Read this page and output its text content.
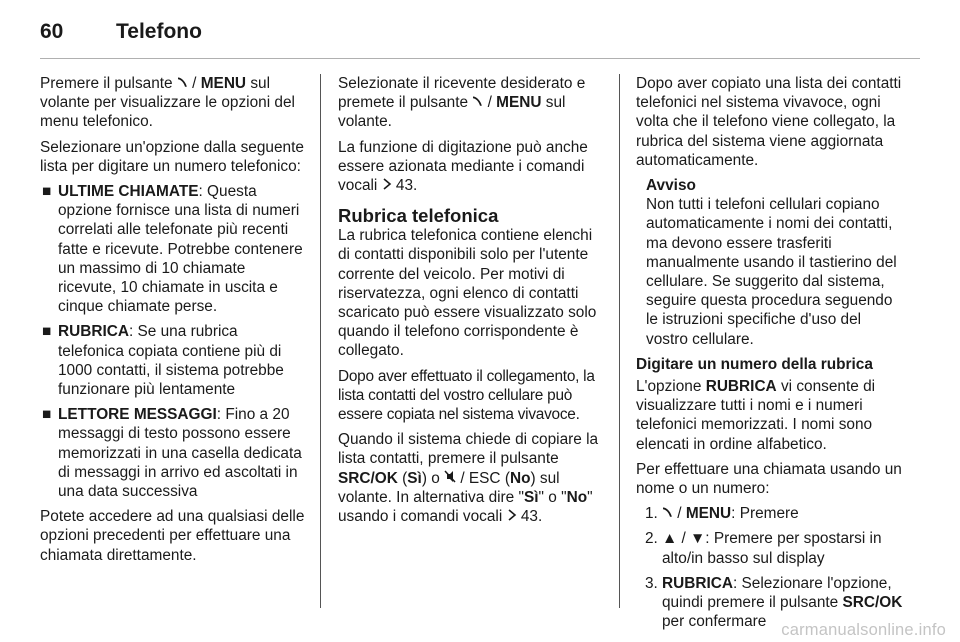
60	Telefono

Premere il pulsante / MENU sul volante per visualizzare le opzioni del menu telefonico.

Selezionare un'opzione dalla seguente lista per digitare un numero telefonico:

■ ULTIME CHIAMATE: Questa opzione fornisce una lista di numeri correlati alle telefonate più recenti fatte e ricevute. Potrebbe contenere un massimo di 10 chiamate ricevute, 10 chiamate in uscita e cinque chiamate perse.
■ RUBRICA: Se una rubrica telefonica copiata contiene più di 1000 contatti, il sistema potrebbe funzionare più lentamente
■ LETTORE MESSAGGI: Fino a 20 messaggi di testo possono essere memorizzati in una casella dedicata di messaggi in arrivo ed ascoltati in una data successiva

Potete accedere ad una qualsiasi delle opzioni precedenti per effettuare una chiamata direttamente.

Selezionate il ricevente desiderato e premete il pulsante / MENU sul volante.

La funzione di digitazione può anche essere azionata mediante i comandi vocali 43.

Rubrica telefonica

La rubrica telefonica contiene elenchi di contatti disponibili solo per l'utente corrente del veicolo. Per motivi di riservatezza, ogni elenco di contatti scaricato può essere visualizzato solo quando il telefono corrispondente è collegato.

Dopo aver effettuato il collegamento, la lista contatti del vostro cellulare può essere copiata nel sistema vivavoce.

Quando il sistema chiede di copiare la lista contatti, premere il pulsante SRC/OK (Sì) o / ESC (No) sul volante. In alternativa dire "Sì" o "No" usando i comandi vocali 43.

Dopo aver copiato una lista dei contatti telefonici nel sistema vivavoce, ogni volta che il telefono viene collegato, la rubrica del sistema viene aggiornata automaticamente.

Avviso
Non tutti i telefoni cellulari copiano automaticamente i nomi dei contatti, ma devono essere trasferiti manualmente usando il tastierino del cellulare. Se suggerito dal sistema, seguire questa procedura seguendo le istruzioni specifiche d'uso del vostro cellulare.
Digitare un numero della rubrica

L'opzione RUBRICA vi consente di visualizzare tutti i nomi e i numeri telefonici memorizzati. I nomi sono elencati in ordine alfabetico.

Per effettuare una chiamata usando un nome o un numero:

1. / MENU: Premere
2. ▲ / ▼: Premere per spostarsi in alto/in basso sul display
3. RUBRICA: Selezionare l'opzione, quindi premere il pulsante SRC/OK per confermare carmanualsonline.info
